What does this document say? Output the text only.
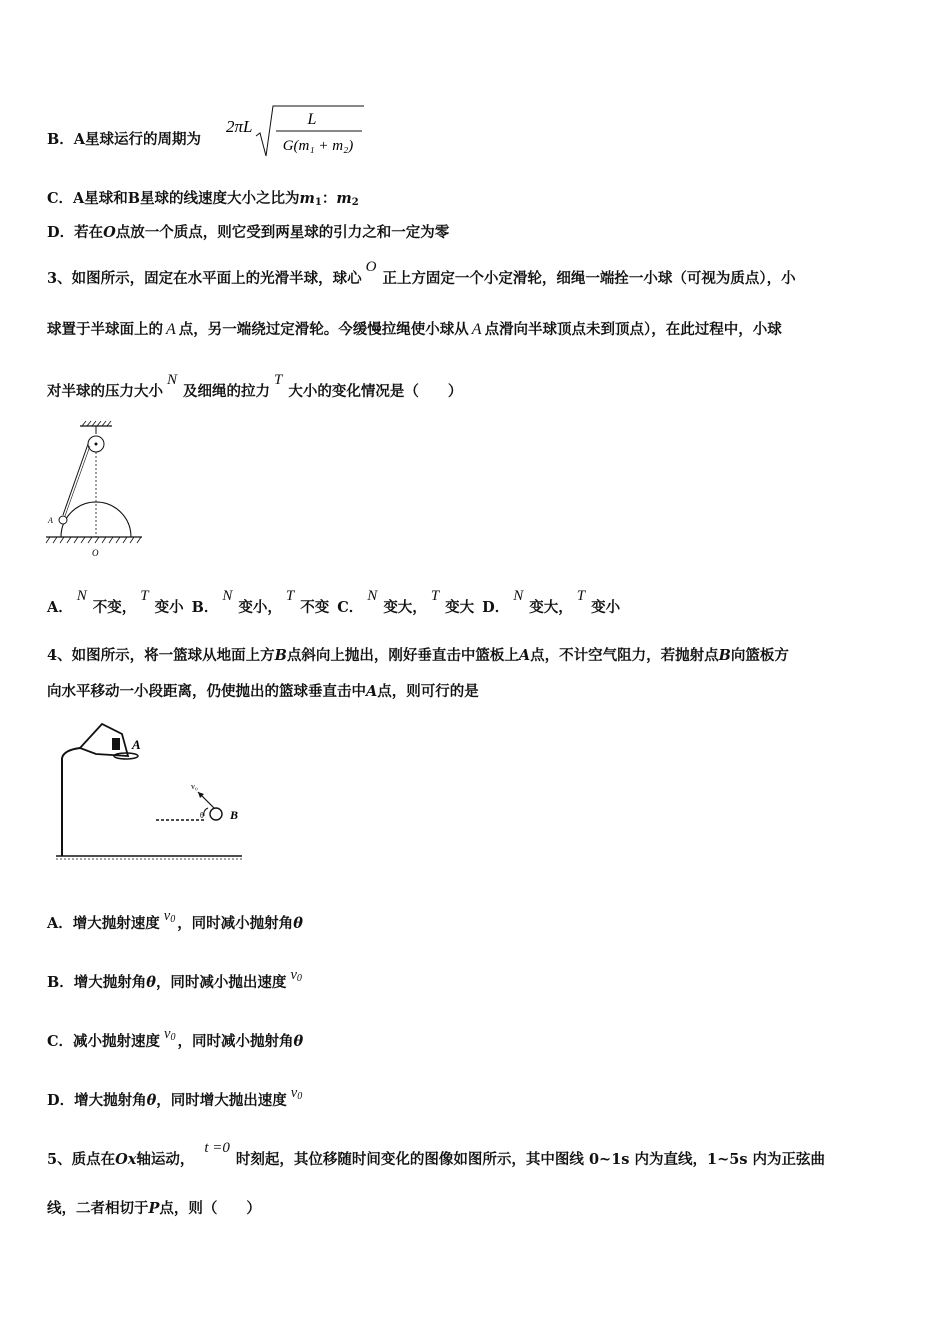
B．A星球运行的周期为
2πL	L
G(m₁ + m₂)
C．A星球和B星球的线速度大小之比为$m_1$：$m_2$
D．若在O点放一个质点，则它受到两星球的引力之和一定为零
3、如图所示，固定在水平面上的光滑半球，球心O正上方固定一个小定滑轮，细绳一端拴一小球（可视为质点），小
球置于半球面上的 A 点，另一端绕过定滑轮。今缓慢拉绳使小球从 A 点滑向半球顶点未到顶点），在此过程中，小球
对半球的压力大小N及细绳的拉力T大小的变化情况是（　　）
A
O
A．N不变，T变小 B．N变小，T不变 C．N变大，T变大 D．N变大，T变小
4、如图所示，将一篮球从地面上方B点斜向上抛出，刚好垂直击中篮板上A点，不计空气阻力，若抛射点B向篮板方
向水平移动一小段距离，仍使抛出的篮球垂直击中A点，则可行的是
A
v₀
θ B
A．增大抛射速度 $v_0$ ，同时减小抛射角θ
B．增大抛射角θ，同时减小抛出速度 $v_0$
C．减小抛射速度 $v_0$ ，同时减小抛射角θ
D．增大抛射角θ，同时增大抛出速度 $v_0$
5、质点在Ox轴运动，t =0时刻起，其位移随时间变化的图像如图所示，其中图线 0~1s 内为直线，1~5s 内为正弦曲
线，二者相切于P点，则（　　）
